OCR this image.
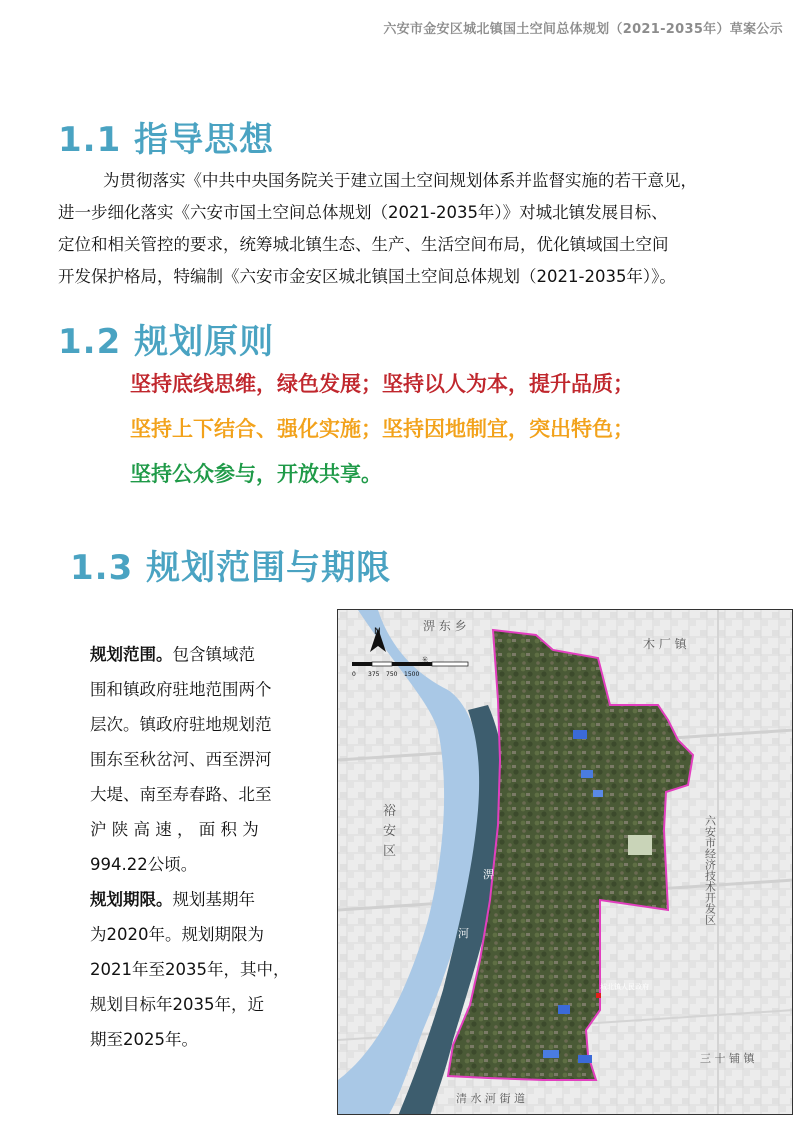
六安市金安区城北镇国土空间总体规划（2021-2035年）草案公示
1.1 指导思想

为贯彻落实《中共中央国务院关于建立国土空间规划体系并监督实施的若干意见，

进一步细化落实《六安市国土空间总体规划（2021-2035年）》对城北镇发展目标、

定位和相关管控的要求，统筹城北镇生态、生产、生活空间布局，优化镇域国土空间

开发保护格局，特编制《六安市金安区城北镇国土空间总体规划（2021-2035年）》。

1.2 规划原则
坚持底线思维，绿色发展；坚持以人为本，提升品质；
坚持上下结合、强化实施；坚持因地制宜，突出特色；
坚持公众参与，开放共享。
1.3 规划范围与期限

规划范围。包含镇域范

围和镇政府驻地范围两个

层次。镇政府驻地规划范

围东至秋岔河、西至淠河

大堤、南至寿春路、北至

沪 陕 高 速 ， 面 积 为

994.22公顷。

规划期限。规划基期年

为2020年。规划期限为

2021年至2035年，其中，

规划目标年2035年，近

期至2025年。

N
0 375 750 1500
米
淠 东 乡
木 厂 镇
裕
安
区	六安市经济技术开发区
三 十 铺 镇
清 水 河 街 道
城北镇人民政府
淠
河
